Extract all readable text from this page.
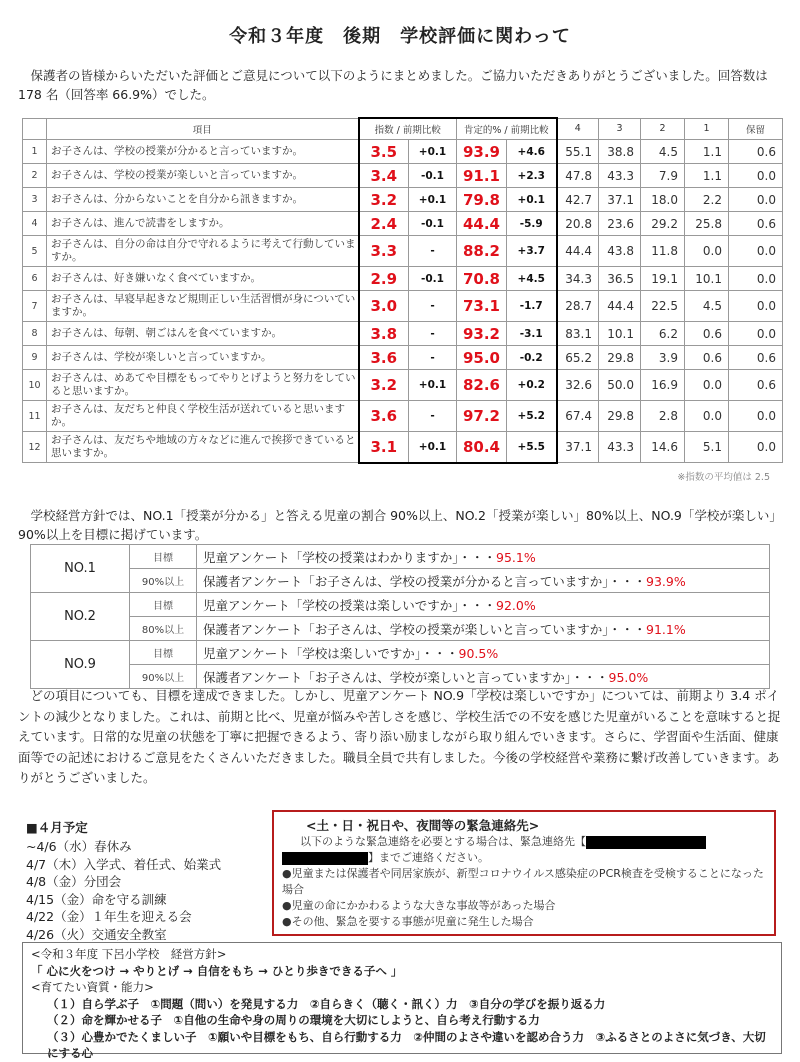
令和３年度　後期　学校評価に関わって

保護者の皆様からいただいた評価とご意見について以下のようにまとめました。ご協力いただきありがとうございました。回答数は 178 名（回答率 66.9%）でした。

	項目	指数 / 前期比較		肯定的% / 前期比較		4	3	2	1	保留
1	お子さんは、学校の授業が分かると言っていますか。	3.5	+0.1	93.9	+4.6	55.1	38.8	4.5	1.1	0.6
2	お子さんは、学校の授業が楽しいと言っていますか。	3.4	-0.1	91.1	+2.3	47.8	43.3	7.9	1.1	0.0
3	お子さんは、分からないことを自分から訊きますか。	3.2	+0.1	79.8	+0.1	42.7	37.1	18.0	2.2	0.0
4	お子さんは、進んで読書をしますか。	2.4	-0.1	44.4	-5.9	20.8	23.6	29.2	25.8	0.6
5	お子さんは、自分の命は自分で守れるように考えて行動していますか。	3.3	-	88.2	+3.7	44.4	43.8	11.8	0.0	0.0
6	お子さんは、好き嫌いなく食べていますか。	2.9	-0.1	70.8	+4.5	34.3	36.5	19.1	10.1	0.0
7	お子さんは、早寝早起きなど規則正しい生活習慣が身についていますか。	3.0	-	73.1	-1.7	28.7	44.4	22.5	4.5	0.0
8	お子さんは、毎朝、朝ごはんを食べていますか。	3.8	-	93.2	-3.1	83.1	10.1	6.2	0.6	0.0
9	お子さんは、学校が楽しいと言っていますか。	3.6	-	95.0	-0.2	65.2	29.8	3.9	0.6	0.6
10	お子さんは、めあてや目標をもってやりとげようと努力をしていると思いますか。	3.2	+0.1	82.6	+0.2	32.6	50.0	16.9	0.0	0.6
11	お子さんは、友だちと仲良く学校生活が送れていると思いますか。	3.6	-	97.2	+5.2	67.4	29.8	2.8	0.0	0.0
12	お子さんは、友だちや地域の方々などに進んで挨拶できていると思いますか。	3.1	+0.1	80.4	+5.5	37.1	43.3	14.6	5.1	0.0
※指数の平均値は 2.5

学校経営方針では、NO.1「授業が分かる」と答える児童の割合 90%以上、NO.2「授業が楽しい」80%以上、NO.9「学校が楽しい」90%以上を目標に掲げています。

NO.1	目標	児童アンケート「学校の授業はわかりますか」・・・95.1%
	90%以上	保護者アンケート「お子さんは、学校の授業が分かると言っていますか」・・・93.9%
NO.2	目標	児童アンケート「学校の授業は楽しいですか」・・・92.0%
	80%以上	保護者アンケート「お子さんは、学校の授業が楽しいと言っていますか」・・・91.1%
NO.9	目標	児童アンケート「学校は楽しいですか」・・・90.5%
	90%以上	保護者アンケート「お子さんは、学校が楽しいと言っていますか」・・・95.0%

どの項目についても、目標を達成できました。しかし、児童アンケート NO.9「学校は楽しいですか」については、前期より 3.4 ポイントの減少となりました。これは、前期と比べ、児童が悩みや苦しさを感じ、学校生活での不安を感じた児童がいることを意味すると捉えています。日常的な児童の状態を丁寧に把握できるよう、寄り添い励ましながら取り組んでいきます。さらに、学習面や生活面、健康面等での記述におけるご意見をたくさんいただきました。職員全員で共有しました。今後の学校経営や業務に繋げ改善していきます。ありがとうございました。

■４月予定
~4/6（水）春休み
4/7（木）入学式、着任式、始業式
4/8（金）分団会
4/15（金）命を守る訓練
4/22（金）１年生を迎える会
4/26（火）交通安全教室
<土・日・祝日や、夜間等の緊急連絡先>
以下のような緊急連絡を必要とする場合は、緊急連絡先【
】までご連絡ください。
●児童または保護者や同居家族が、新型コロナウイルス感染症のPCR検査を受検することになった場合
●児童の命にかかわるような大きな事故等があった場合
●その他、緊急を要する事態が児童に発生した場合
<令和３年度 下呂小学校　経営方針>
「 心に火をつけ → やりとげ → 自信をもち → ひとり歩きできる子へ 」
<育てたい資質・能力>
（１）自ら学ぶ子　①問題（問い）を発見する力　②自らきく（聴く・訊く）力　③自分の学びを振り返る力
（２）命を輝かせる子　①自他の生命や身の周りの環境を大切にしようと、自ら考え行動する力
（３）心豊かでたくましい子　①願いや目標をもち、自ら行動する力　②仲間のよさや違いを認め合う力　③ふるさとのよさに気づき、大切にする心
